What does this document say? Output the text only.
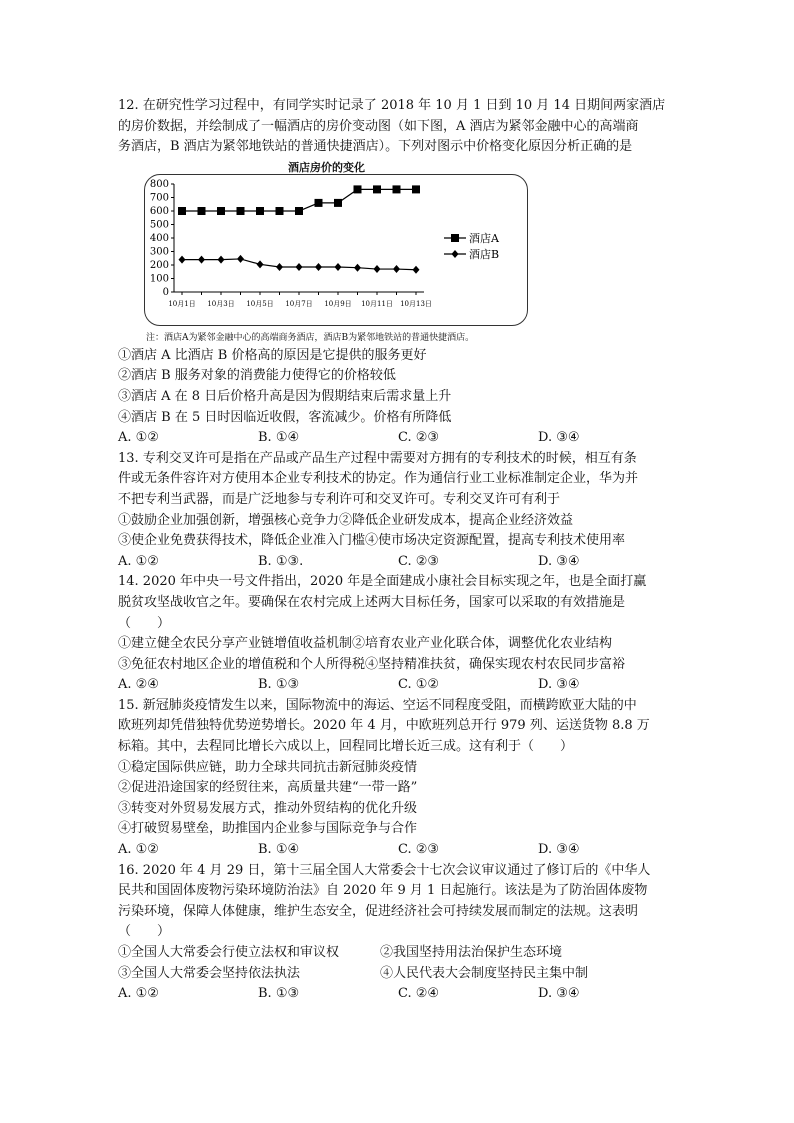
12. 在研究性学习过程中，有同学实时记录了 2018 年 10 月 1 日到 10 月 14 日期间两家酒店
的房价数据，并绘制成了一幅酒店的房价变动图（如下图，A 酒店为紧邻金融中心的高端商
务酒店，B 酒店为紧邻地铁站的普通快捷酒店）。下列对图示中价格变化原因分析正确的是
酒店房价的变化
0
100
200
300
400
500
600
700
800
10月1日 10月3日 10月5日 10月7日 10月9日 10月11日 10月13日
酒店A
酒店B
注：酒店A为紧邻金融中心的高端商务酒店，酒店B为紧邻地铁站的普通快捷酒店。
①酒店 A 比酒店 B 价格高的原因是它提供的服务更好
②酒店 B 服务对象的消费能力使得它的价格较低
③酒店 A 在 8 日后价格升高是因为假期结束后需求量上升
④酒店 B 在 5 日时因临近收假，客流减少。价格有所降低
A. ①②	B. ①④	C. ②③	D. ③④
13. 专利交叉许可是指在产品或产品生产过程中需要对方拥有的专利技术的时候，相互有条
件或无条件容许对方使用本企业专利技术的协定。作为通信行业工业标准制定企业，华为并
不把专利当武器，而是广泛地参与专利许可和交叉许可。专利交叉许可有利于
①鼓励企业加强创新，增强核心竞争力②降低企业研发成本，提高企业经济效益
③使企业免费获得技术，降低企业准入门槛④使市场决定资源配置，提高专利技术使用率
A. ①②	B. ①③.	C. ②③	D. ③④
14. 2020 年中央一号文件指出，2020 年是全面建成小康社会目标实现之年，也是全面打赢
脱贫攻坚战收官之年。要确保在农村完成上述两大目标任务，国家可以采取的有效措施是
（　　）
①建立健全农民分享产业链增值收益机制②培育农业产业化联合体，调整优化农业结构
③免征农村地区企业的增值税和个人所得税④坚持精准扶贫，确保实现农村农民同步富裕
A. ②④	B. ①③	C. ①②	D. ③④
15. 新冠肺炎疫情发生以来，国际物流中的海运、空运不同程度受阻，而横跨欧亚大陆的中
欧班列却凭借独特优势逆势增长。2020 年 4 月，中欧班列总开行 979 列、运送货物 8.8 万
标箱。其中，去程同比增长六成以上，回程同比增长近三成。这有利于（　　）
①稳定国际供应链，助力全球共同抗击新冠肺炎疫情
②促进沿途国家的经贸往来，高质量共建“一带一路”
③转变对外贸易发展方式，推动外贸结构的优化升级
④打破贸易壁垒，助推国内企业参与国际竞争与合作
A. ①②	B. ①④	C. ②③	D. ③④
16. 2020 年 4 月 29 日，第十三届全国人大常委会十七次会议审议通过了修订后的《中华人
民共和国固体废物污染环境防治法》自 2020 年 9 月 1 日起施行。该法是为了防治固体废物
污染环境，保障人体健康，维护生态安全，促进经济社会可持续发展而制定的法规。这表明
（　　）
①全国人大常委会行使立法权和审议权	②我国坚持用法治保护生态环境
③全国人大常委会坚持依法执法	④人民代表大会制度坚持民主集中制
A. ①②	B. ①③	C. ②④	D. ③④
